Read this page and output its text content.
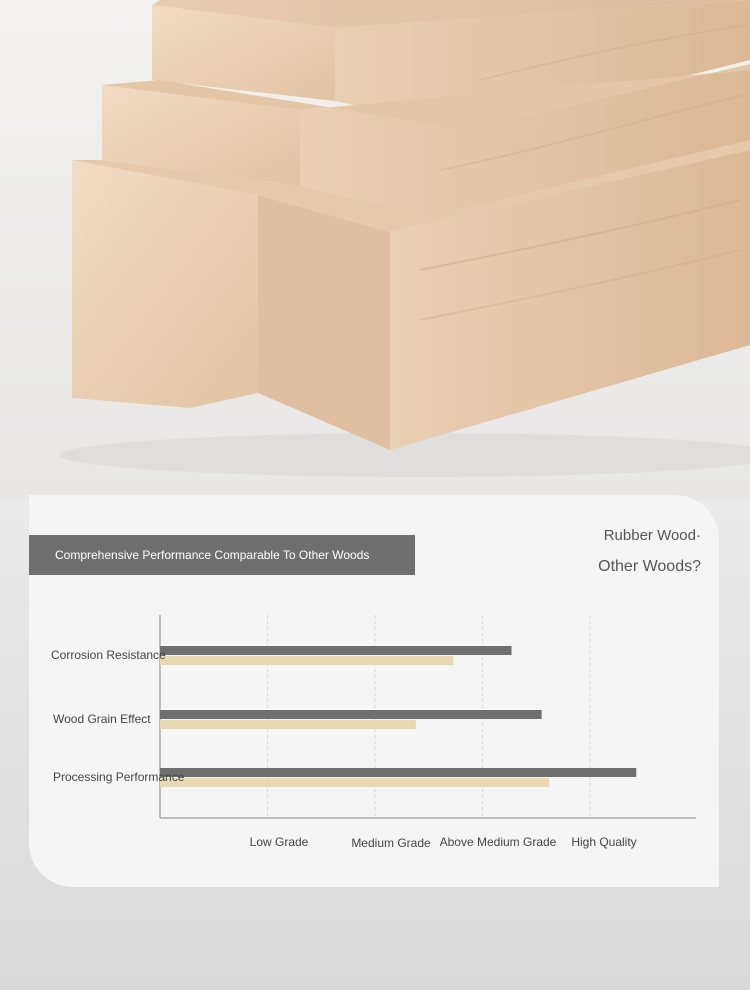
Comprehensive Performance Comparable To Other Woods
Rubber Wood·
Other Woods?
Corrosion Resistance
Wood Grain Effect
Processing Performance
Low Grade	Medium Grade Above Medium Grade High Quality
